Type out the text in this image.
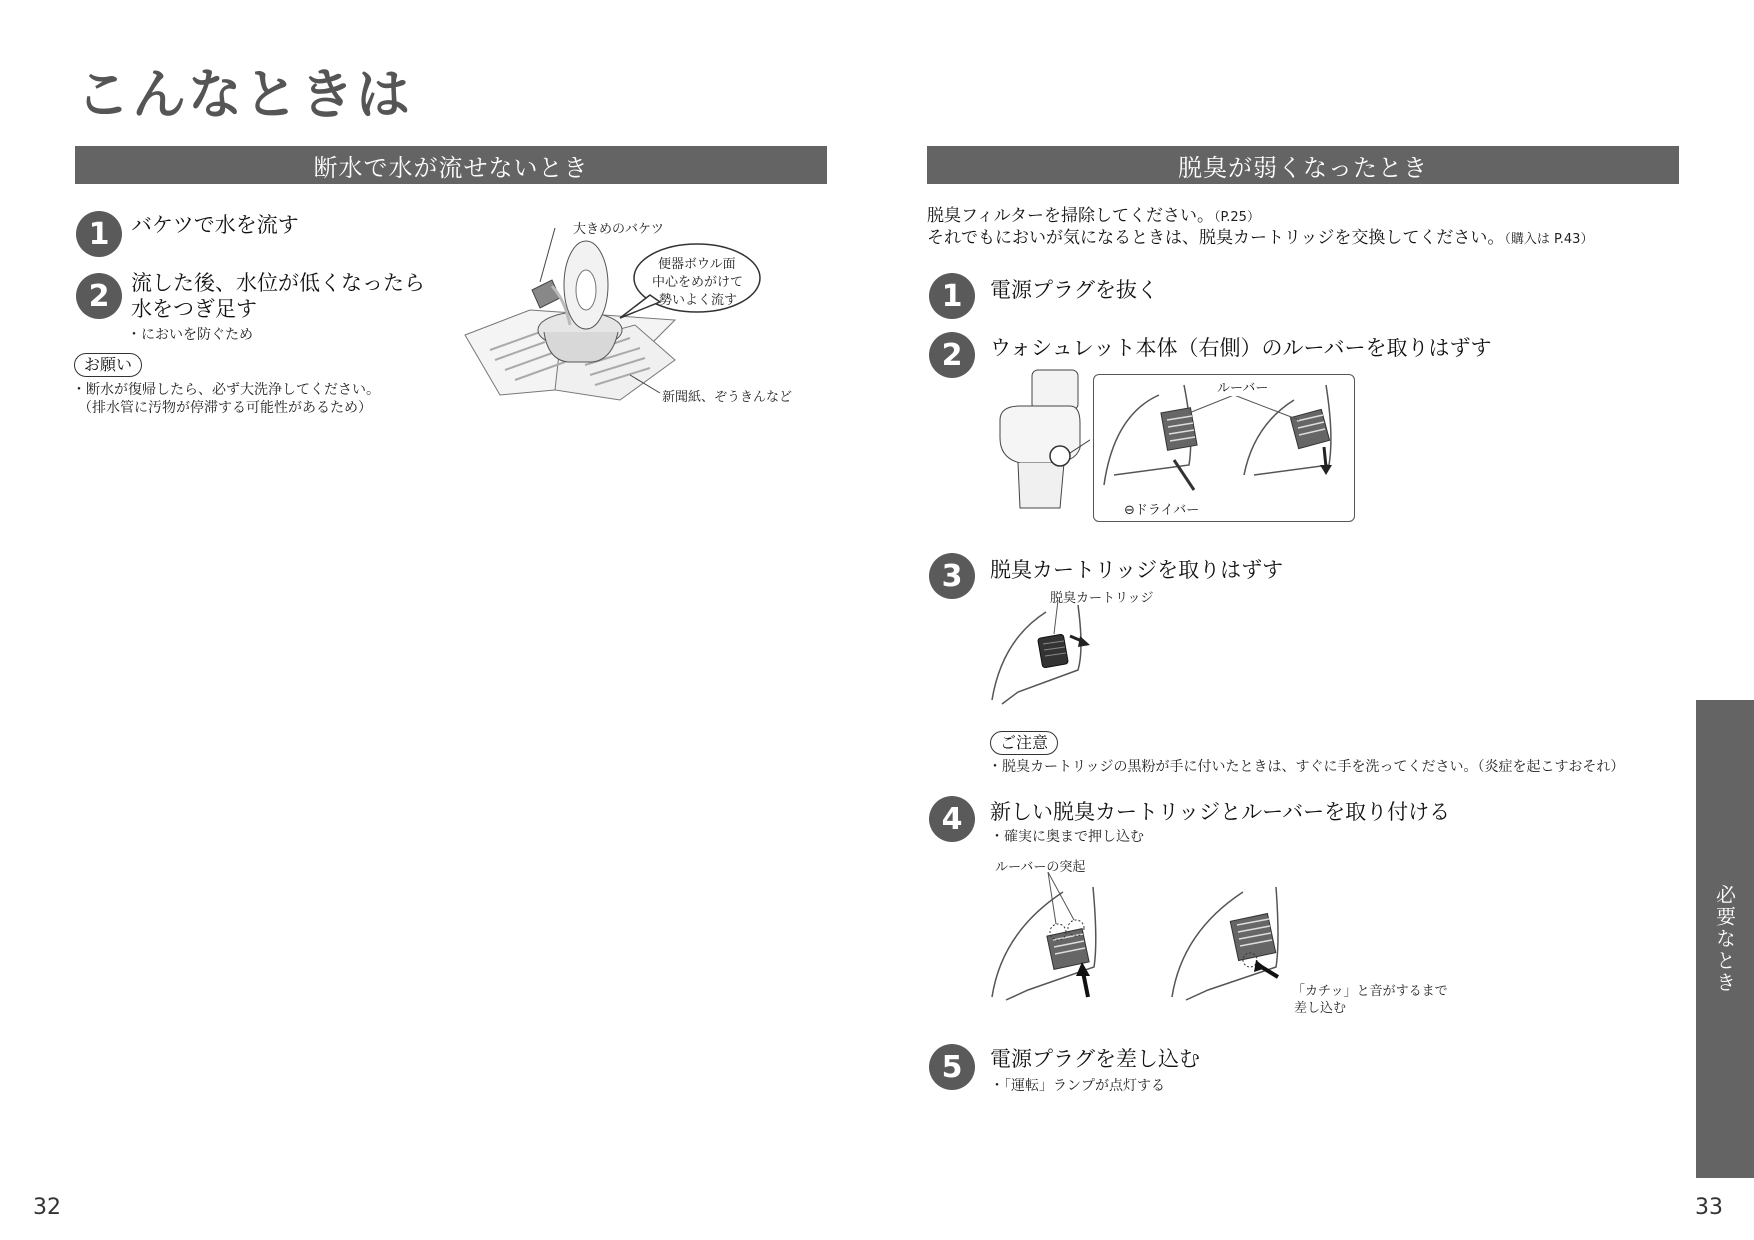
こんなときは
断水で水が流せないとき
1	バケツで水を流す
2	流した後、水位が低くなったら
水をつぎ足す
・においを防ぐため
お願い
・断水が復帰したら、必ず大洗浄してください。
（排水管に汚物が停滞する可能性があるため）
大きめのバケツ
便器ボウル面
中心をめがけて
勢いよく流す
新聞紙、ぞうきんなど
32
脱臭が弱くなったとき
脱臭フィルターを掃除してください。（P.25）
それでもにおいが気になるときは、脱臭カートリッジを交換してください。（購入は P.43）
1	電源プラグを抜く
2	ウォシュレット本体（右側）のルーバーを取りはずす
ルーバー
⊖ドライバー
3	脱臭カートリッジを取りはずす
脱臭カートリッジ
ご注意
・脱臭カートリッジの黒粉が手に付いたときは、すぐに手を洗ってください。（炎症を起こすおそれ）
4	新しい脱臭カートリッジとルーバーを取り付ける
・確実に奥まで押し込む
ルーバーの突起
「カチッ」と音がするまで
差し込む
5	電源プラグを差し込む
・「運転」ランプが点灯する
必要なとき
33
